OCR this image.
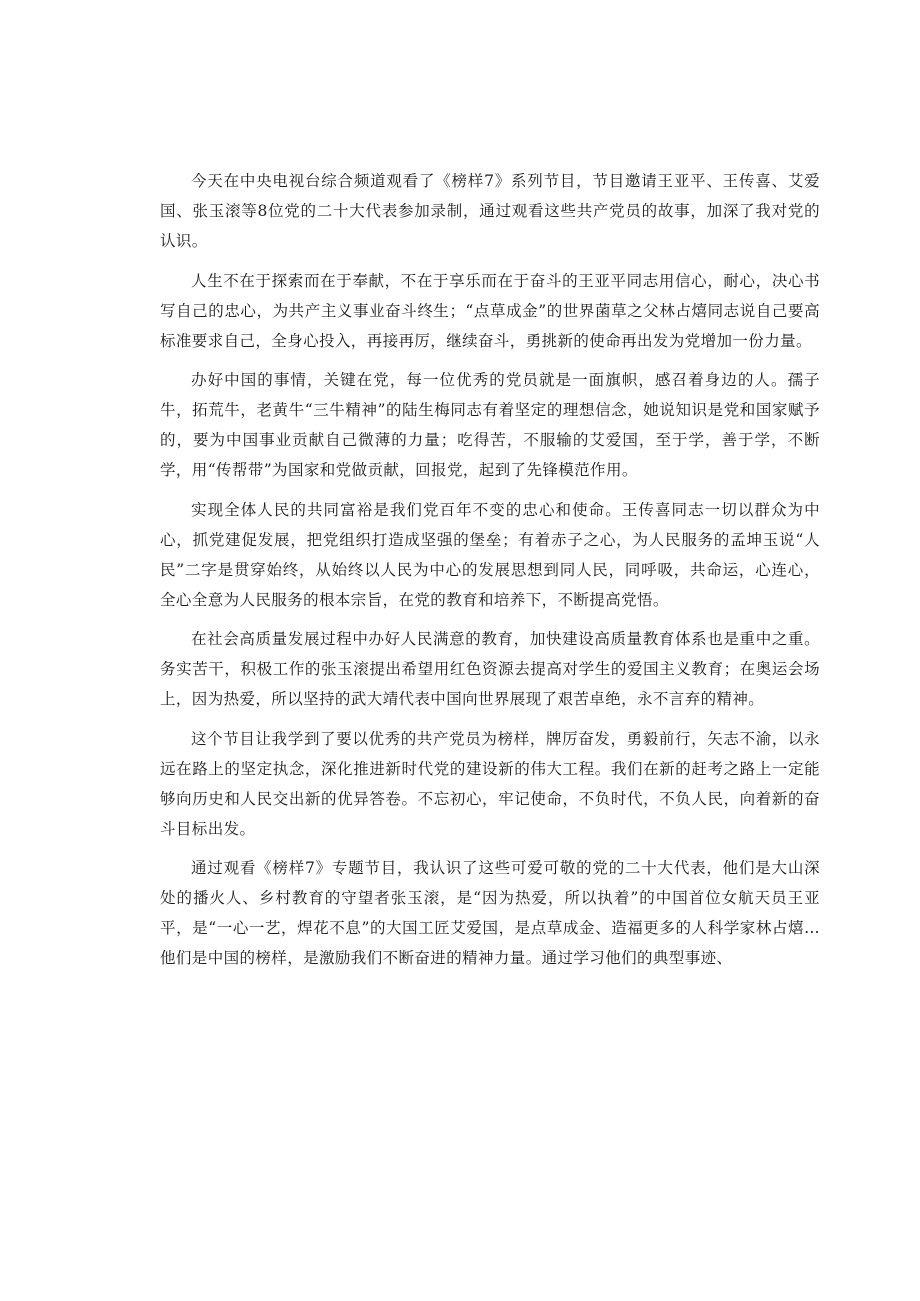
今天在中央电视台综合频道观看了《榜样7》系列节目，节目邀请王亚平、王传喜、艾爱国、张玉滚等8位党的二十大代表参加录制，通过观看这些共产党员的故事，加深了我对党的认识。

人生不在于探索而在于奉献，不在于享乐而在于奋斗的王亚平同志用信心，耐心，决心书写自己的忠心，为共产主义事业奋斗终生；“点草成金”的世界菌草之父林占熺同志说自己要高标准要求自己，全身心投入，再接再厉，继续奋斗，勇挑新的使命再出发为党增加一份力量。

办好中国的事情，关键在党，每一位优秀的党员就是一面旗帜，感召着身边的人。孺子牛，拓荒牛，老黄牛“三牛精神”的陆生梅同志有着坚定的理想信念，她说知识是党和国家赋予的，要为中国事业贡献自己微薄的力量；吃得苦，不服输的艾爱国，至于学，善于学，不断学，用“传帮带”为国家和党做贡献，回报党，起到了先锋模范作用。

实现全体人民的共同富裕是我们党百年不变的忠心和使命。王传喜同志一切以群众为中心，抓党建促发展，把党组织打造成坚强的堡垒；有着赤子之心，为人民服务的孟坤玉说“人民”二字是贯穿始终，从始终以人民为中心的发展思想到同人民，同呼吸，共命运，心连心，全心全意为人民服务的根本宗旨，在党的教育和培养下，不断提高党悟。

在社会高质量发展过程中办好人民满意的教育，加快建设高质量教育体系也是重中之重。务实苦干，积极工作的张玉滚提出希望用红色资源去提高对学生的爱国主义教育；在奥运会场上，因为热爱，所以坚持的武大靖代表中国向世界展现了艰苦卓绝，永不言弃的精神。

这个节目让我学到了要以优秀的共产党员为榜样，牌厉奋发，勇毅前行，矢志不渝，以永远在路上的坚定执念，深化推进新时代党的建设新的伟大工程。我们在新的赶考之路上一定能够向历史和人民交出新的优异答卷。不忘初心，牢记使命，不负时代，不负人民，向着新的奋斗目标出发。

通过观看《榜样7》专题节目，我认识了这些可爱可敬的党的二十大代表，他们是大山深处的播火人、乡村教育的守望者张玉滚，是“因为热爱，所以执着”的中国首位女航天员王亚平，是“一心一艺，焊花不息”的大国工匠艾爱国，是点草成金、造福更多的人科学家林占熺…他们是中国的榜样，是激励我们不断奋进的精神力量。通过学习他们的典型事迹、
